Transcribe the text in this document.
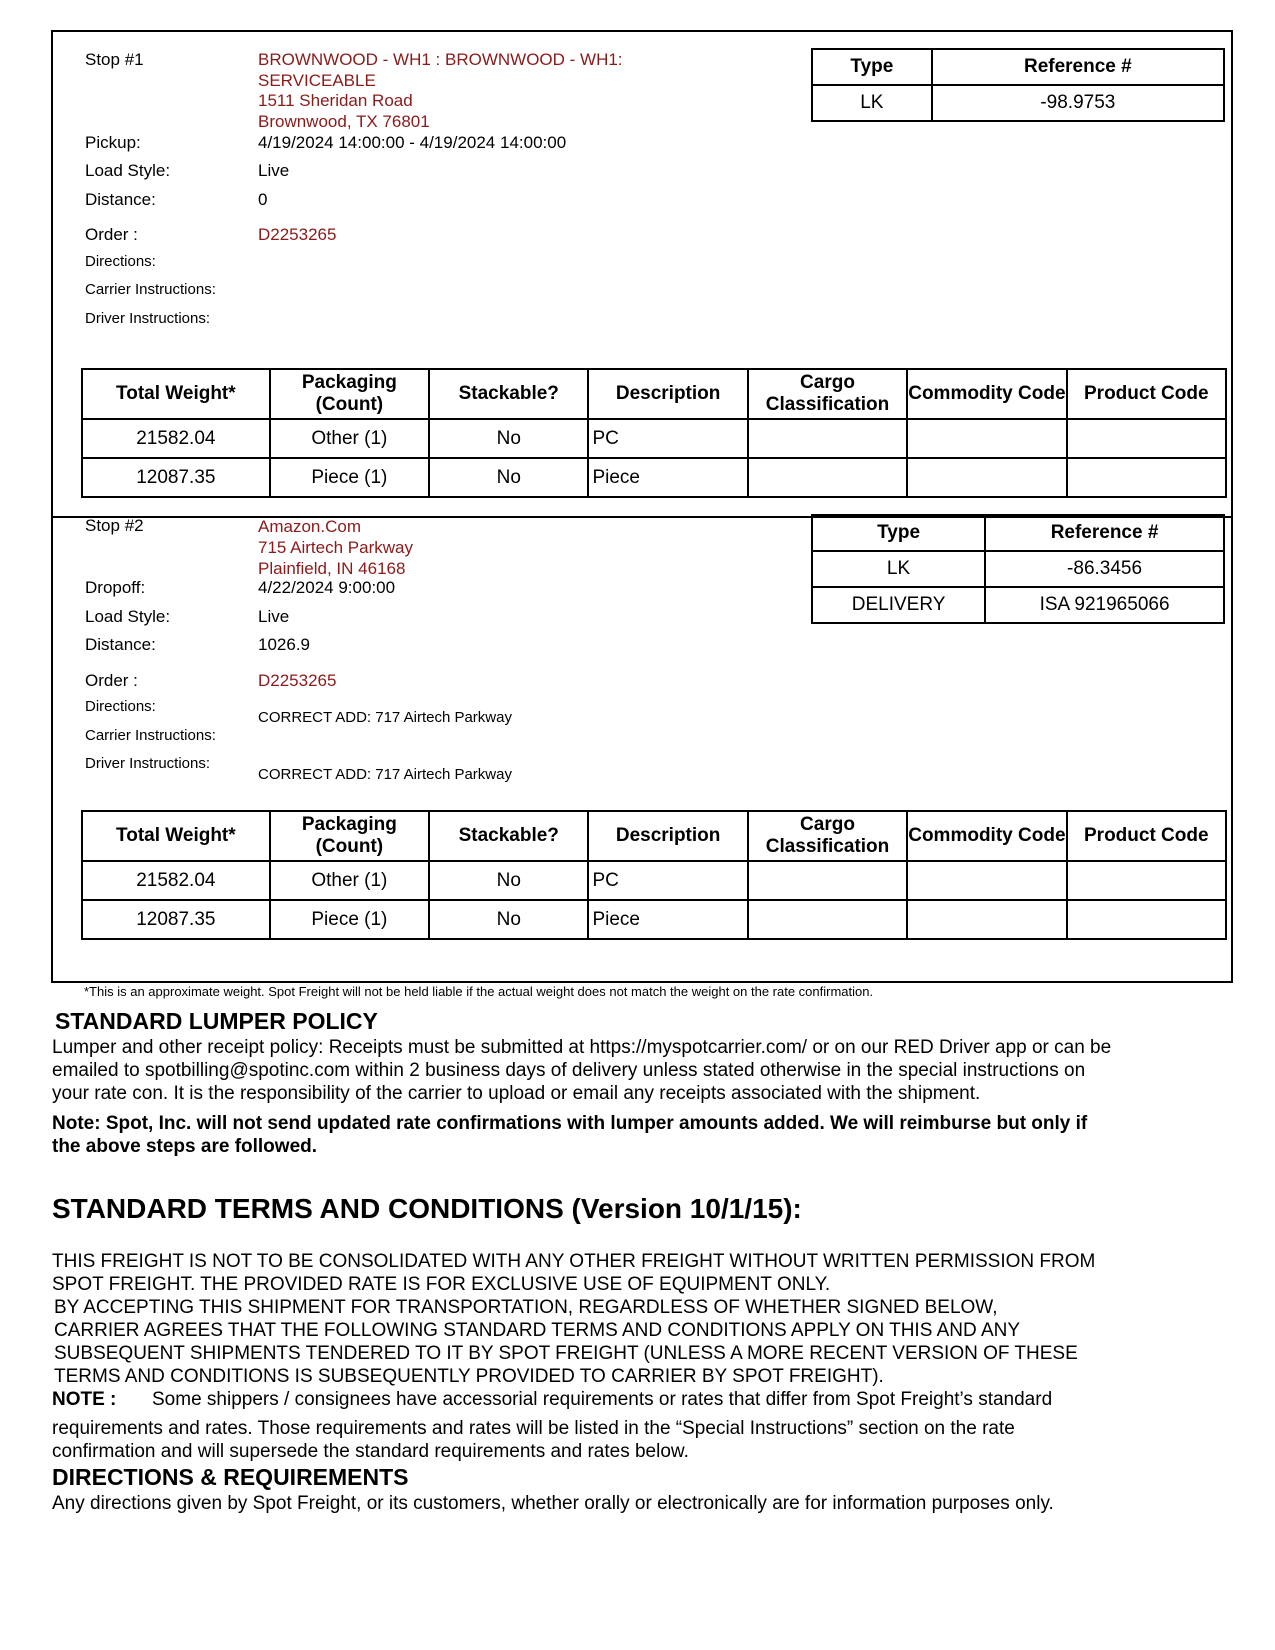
Stop #1	BROWNWOOD - WH1 : BROWNWOOD - WH1:
SERVICEABLE
1511 Sheridan Road
Brownwood, TX 76801
Pickup:	4/19/2024 14:00:00 - 4/19/2024 14:00:00
Load Style:	Live
Distance:	0
Order :	D2253265
Directions:
Carrier Instructions:
Driver Instructions:
Type	Reference #
LK	-98.9753
Total Weight*	Packaging (Count)	Stackable?	Description	Cargo Classification	Commodity Code	Product Code
21582.04	Other (1)	No	PC			
12087.35	Piece (1)	No	Piece			
Stop #2	Amazon.Com
715 Airtech Parkway
Plainfield, IN 46168
Dropoff:	4/22/2024 9:00:00
Load Style:	Live
Distance:	1026.9
Order :	D2253265
Directions:
CORRECT ADD: 717 Airtech Parkway
Carrier Instructions:
Driver Instructions:
CORRECT ADD: 717 Airtech Parkway
Type	Reference #
LK	-86.3456
DELIVERY	ISA 921965066
Total Weight*	Packaging (Count)	Stackable?	Description	Cargo Classification	Commodity Code	Product Code
21582.04	Other (1)	No	PC			
12087.35	Piece (1)	No	Piece			
*This is an approximate weight. Spot Freight will not be held liable if the actual weight does not match the weight on the rate confirmation.
STANDARD LUMPER POLICY
Lumper and other receipt policy: Receipts must be submitted at https://myspotcarrier.com/ or on our RED Driver app or can be
emailed to spotbilling@spotinc.com within 2 business days of delivery unless stated otherwise in the special instructions on
your rate con. It is the responsibility of the carrier to upload or email any receipts associated with the shipment.
Note: Spot, Inc. will not send updated rate confirmations with lumper amounts added. We will reimburse but only if
the above steps are followed.
STANDARD TERMS AND CONDITIONS (Version 10/1/15):
THIS FREIGHT IS NOT TO BE CONSOLIDATED WITH ANY OTHER FREIGHT WITHOUT WRITTEN PERMISSION FROM
SPOT FREIGHT. THE PROVIDED RATE IS FOR EXCLUSIVE USE OF EQUIPMENT ONLY.
BY ACCEPTING THIS SHIPMENT FOR TRANSPORTATION, REGARDLESS OF WHETHER SIGNED BELOW,
CARRIER AGREES THAT THE FOLLOWING STANDARD TERMS AND CONDITIONS APPLY ON THIS AND ANY
SUBSEQUENT SHIPMENTS TENDERED TO IT BY SPOT FREIGHT (UNLESS A MORE RECENT VERSION OF THESE
TERMS AND CONDITIONS IS SUBSEQUENTLY PROVIDED TO CARRIER BY SPOT FREIGHT).
NOTE :	Some shippers / consignees have accessorial requirements or rates that differ from Spot Freight’s standard
requirements and rates. Those requirements and rates will be listed in the “Special Instructions” section on the rate
confirmation and will supersede the standard requirements and rates below.
DIRECTIONS & REQUIREMENTS
Any directions given by Spot Freight, or its customers, whether orally or electronically are for information purposes only.
